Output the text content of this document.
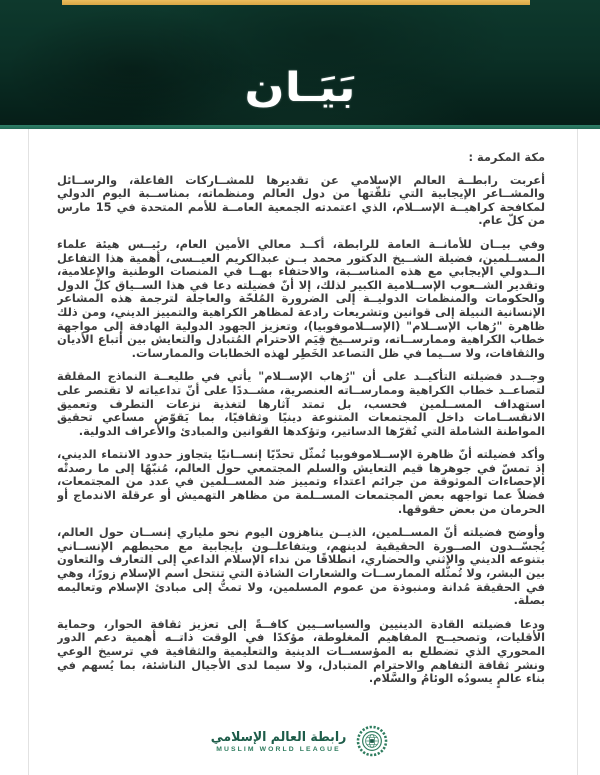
بَيَـان
مكة المكرمة :

أعربت رابطــة العالم الإسلامي عن تقديرها للمشــاركات الفاعلة، والرســائل والمشــاعر الإيجابية التي تلقّتها من دول العالم ومنظماته، بمناســبة اليوم الدولي لمكافحة كراهيــة الإســلام، الذي اعتمدته الجمعية العامــة للأمم المتحدة في 15 مارس من كلّ عام.

وفي بيــان للأمانــة العامة للرابطة، أكــد معالي الأمين العام، رئيــس هيئة علماء المســلمين، فضيلة الشــيخ الدكتور محمد بــن عبدالكريم العيــسى، أهمية هذا التفاعل الــدولي الإيجابي مع هذه المناســبة، والاحتفاء بهــا في المنصات الوطنية والإعلامية، وتقدير الشــعوب الإســلامية الكبير لذلك، إلا أنّ فضيلته دعا في هذا الســياق كلّ الدول والحكومات والمنظمات الدوليــة إلى الضرورة المُلحّة والعاجلة لترجمة هذه المشاعر الإنسانية النبيلة إلى قوانين وتشريعات رادعة لمظاهر الكراهية والتمييز الديني، ومن ذلك ظاهرة "رُهاب الإســلام" (الإســلاموفوبيا)، وتعزيز الجهود الدولية الهادفة إلى مواجهة خطاب الكراهية وممارســاته، وترســيخ قِيَم الاحترام المُتبادل والتعايش بين أتباع الأديان والثقافات، ولا ســيما في ظل التصاعد الخَطِر لهذه الخطابات والممارسات.

وجــدد فضيلته التأكيــد على أن "رُهاب الإســلام" يأتي في طليعــة النماذج المقلقة لتصاعــد خطاب الكراهية وممارســاته العنصرية، مشــددًا على أنّ تداعياته لا تقتصر على استهداف المســلمين فحسب، بل تمتد آثارها لتغذية نزعات التطرف وتعميق الانقســامات داخل المجتمعات المتنوعة دينيًا وثقافيًا، بما يَقوّض مساعي تحقيق المواطنة الشاملة التي تُقرّها الدساتير، وتؤكدها القوانين والمبادئ والأعراف الدولية.

وأكد فضيلته أنّ ظاهرة الإســلاموفوبيا تُمثّل تحدّيًا إنســانيًا يتجاوز حدود الانتماء الديني، إذ تمسّ في جوهرها قيم التعايش والسلم المجتمعي حول العالم، مُنبّهًا إلى ما رصدتْه الإحصاءات الموثوقة من جرائم اعتداء وتمييز ضد المســلمين في عدد من المجتمعات، فضلاً عما تواجهه بعض المجتمعات المســلمة من مظاهر التهميش أو عرقلة الاندماج أو الحرمان من بعض حقوقها.

وأوضح فضيلته أنّ المســلمين، الذيــن يناهزون اليوم نحو ملياري إنســان حول العالم، يُجسّــدون الصــورة الحقيقية لدينهم، ويتفاعلــون بإيجابية مع محيطهم الإنســاني بتنوعه الديني والإثني والحضاري، انطلاقًا من نداء الإسلام الداعي إلى التعارف والتعاون بين البشر، ولا تُمثّله الممارســات والشعارات الشاذة التي تنتحل اسم الإسلام زورًا، وهي في الحقيقة مُدانة ومنبوذة من عموم المسلمين، ولا تمتُّ إلى مبادئ الإسلام وتعاليمه بصلة.

ودعا فضيلته القادة الدينيين والسياســيين كافــةً إلى تعزيز ثقافة الحوار، وحماية الأقليات، وتصحيــح المفاهيم المغلوطة، مؤكدًا في الوقت ذاتــه أهمية دعم الدور المحوري الذي تضطلع به المؤسســات الدينية والتعليمية والثقافية في ترسيخ الوعي ونشر ثقافة التفاهم والاحترام المتبادل، ولا سيما لدى الأجيال الناشئة، بما يُسهم في بناء عالمٍ يسودُه الوئامُ والسَّلام.

رابطة العالم الإسلامي
MUSLIM WORLD LEAGUE
